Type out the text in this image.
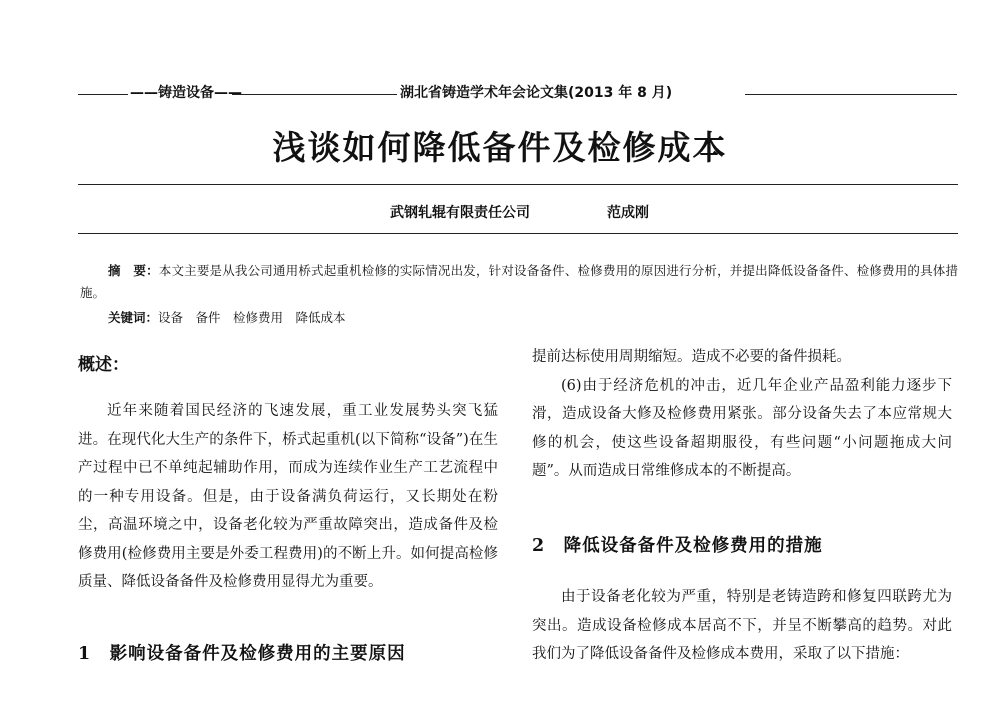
——铸造设备——	湖北省铸造学术年会论文集(2013 年 8 月)
浅谈如何降低备件及检修成本
武钢轧辊有限责任公司	范成刚
摘　要：本文主要是从我公司通用桥式起重机检修的实际情况出发，针对设备备件、检修费用的原因进行分析，并提出降低设备备件、检修费用的具体措施。
关键词：设备　备件　检修费用　降低成本
概述：

近年来随着国民经济的飞速发展，重工业发展势头突飞猛进。在现代化大生产的条件下，桥式起重机(以下简称“设备”)在生产过程中已不单纯起辅助作用，而成为连续作业生产工艺流程中的一种专用设备。但是，由于设备满负荷运行，又长期处在粉尘，高温环境之中，设备老化较为严重故障突出，造成备件及检修费用(检修费用主要是外委工程费用)的不断上升。如何提高检修质量、降低设备备件及检修费用显得尤为重要。

1　影响设备备件及检修费用的主要原因

提前达标使用周期缩短。造成不必要的备件损耗。

(6)由于经济危机的冲击，近几年企业产品盈利能力逐步下滑，造成设备大修及检修费用紧张。部分设备失去了本应常规大修的机会，使这些设备超期服役，有些问题“小问题拖成大问题”。从而造成日常维修成本的不断提高。

2　降低设备备件及检修费用的措施

由于设备老化较为严重，特别是老铸造跨和修复四联跨尤为突出。造成设备检修成本居高不下，并呈不断攀高的趋势。对此我们为了降低设备备件及检修成本费用，采取了以下措施：
